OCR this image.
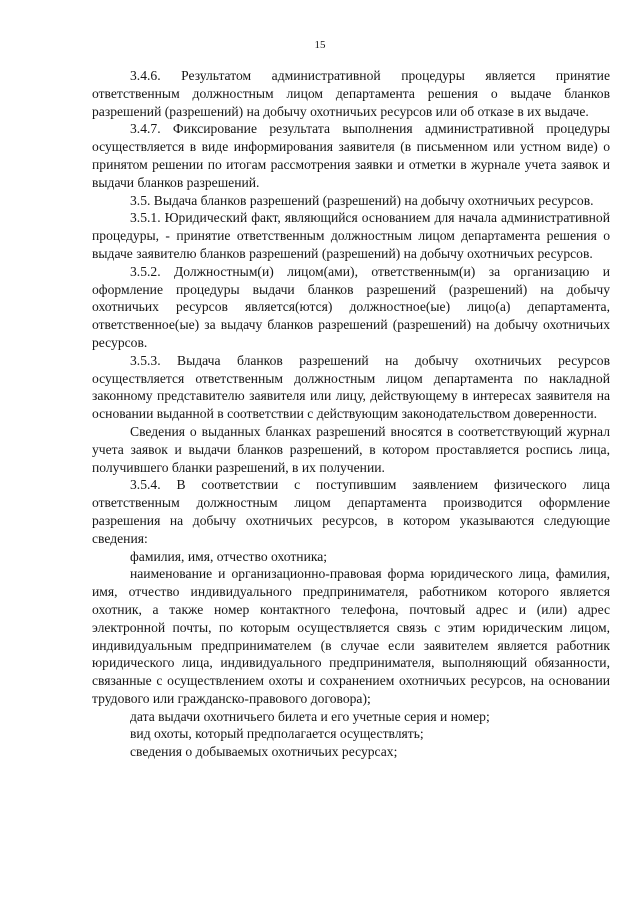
15

3.4.6. Результатом административной процедуры является принятие ответственным должностным лицом департамента решения о выдаче бланков разрешений (разрешений) на добычу охотничьих ресурсов или об отказе в их выдаче.

3.4.7. Фиксирование результата выполнения административной процедуры осуществляется в виде информирования заявителя (в письменном или устном виде) о принятом решении по итогам рассмотрения заявки и отметки в журнале учета заявок и выдачи бланков разрешений.

3.5. Выдача бланков разрешений (разрешений) на добычу охотничьих ресурсов.

3.5.1. Юридический факт, являющийся основанием для начала административной процедуры, - принятие ответственным должностным лицом департамента решения о выдаче заявителю бланков разрешений (разрешений) на добычу охотничьих ресурсов.

3.5.2. Должностным(и) лицом(ами), ответственным(и) за организацию и оформление процедуры выдачи бланков разрешений (разрешений) на добычу охотничьих ресурсов является(ются) должностное(ые) лицо(а) департамента, ответственное(ые) за выдачу бланков разрешений (разрешений) на добычу охотничьих ресурсов.

3.5.3. Выдача бланков разрешений на добычу охотничьих ресурсов осуществляется ответственным должностным лицом департамента по накладной законному представителю заявителя или лицу, действующему в интересах заявителя на основании выданной в соответствии с действующим законодательством доверенности.

Сведения о выданных бланках разрешений вносятся в соответствующий журнал учета заявок и выдачи бланков разрешений, в котором проставляется роспись лица, получившего бланки разрешений, в их получении.

3.5.4. В соответствии с поступившим заявлением физического лица ответственным должностным лицом департамента производится оформление разрешения на добычу охотничьих ресурсов, в котором указываются следующие сведения:

фамилия, имя, отчество охотника;

наименование и организационно-правовая форма юридического лица, фамилия, имя, отчество индивидуального предпринимателя, работником которого является охотник, а также номер контактного телефона, почтовый адрес и (или) адрес электронной почты, по которым осуществляется связь с этим юридическим лицом, индивидуальным предпринимателем (в случае если заявителем является работник юридического лица, индивидуального предпринимателя, выполняющий обязанности, связанные с осуществлением охоты и сохранением охотничьих ресурсов, на основании трудового или гражданско-правового договора);

дата выдачи охотничьего билета и его учетные серия и номер;

вид охоты, который предполагается осуществлять;

сведения о добываемых охотничьих ресурсах;
